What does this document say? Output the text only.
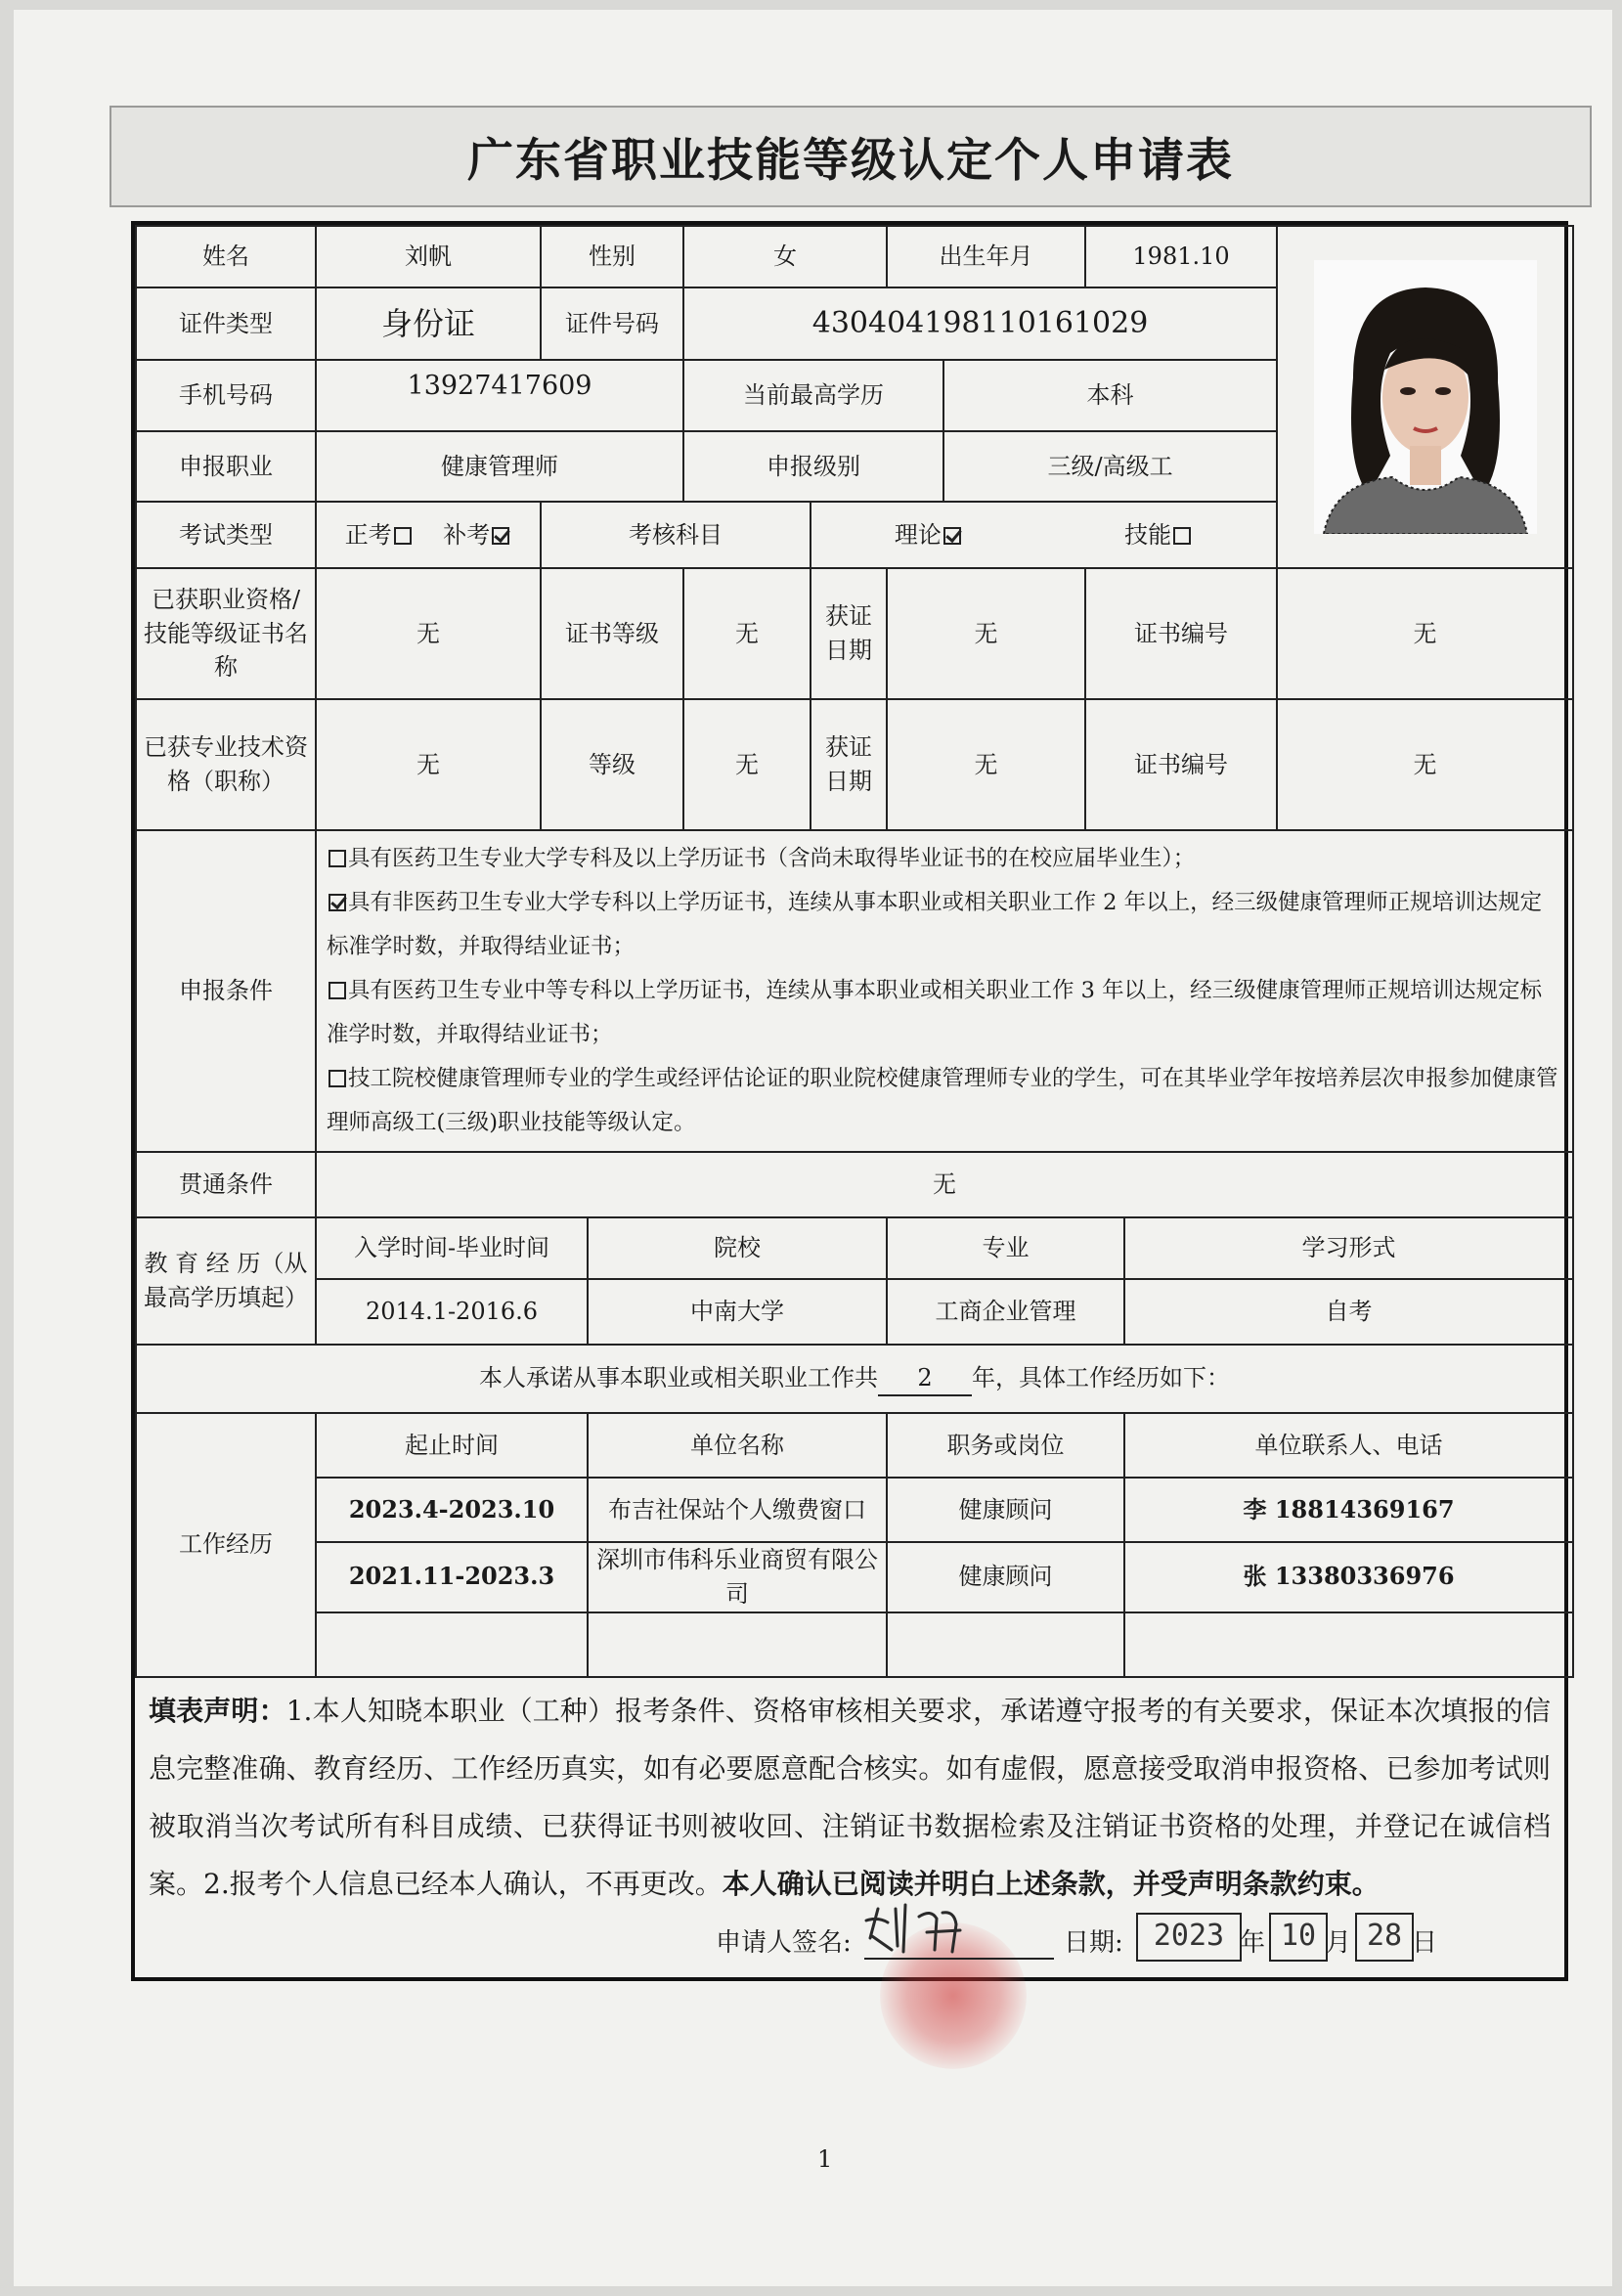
广东省职业技能等级认定个人申请表
姓名	刘帆	性别		女		出生年月		1981.10	

证件类型	身份证	证件号码		430404198110161029						
手机号码	13927417609			当前最高学历			本科			
申报职业	健康管理师			申报级别			三级/高级工			
考试类型	正考 补考	考核科目			理论 技能					
已获职业资格/技能等级证书名称	无	证书等级		无	获证日期	无		证书编号		无
已获专业技术资格（职称）	无	等级		无	获证日期	无		证书编号		无
申报条件	具有医药卫生专业大学专科及以上学历证书（含尚未取得毕业证书的在校应届毕业生）；
具有非医药卫生专业大学专科以上学历证书，连续从事本职业或相关职业工作 2 年以上，经三级健康管理师正规培训达规定标准学时数，并取得结业证书；
具有医药卫生专业中等专科以上学历证书，连续从事本职业或相关职业工作 3 年以上，经三级健康管理师正规培训达规定标准学时数，并取得结业证书；
技工院校健康管理师专业的学生或经评估论证的职业院校健康管理师专业的学生，可在其毕业学年按培养层次申报参加健康管理师高级工(三级)职业技能等级认定。									

贯通条件	无									
教 育 经 历（从最高学历填起）	入学时间-毕业时间		院校			专业			学习形式	
	2014.1-2016.6		中南大学			工商企业管理			自考	
本人承诺从事本职业或相关职业工作共 2 年，具体工作经历如下：										
工作经历	起止时间		单位名称			职务或岗位			单位联系人、电话	
	2023.4-2023.10		布吉社保站个人缴费窗口			健康顾问			李 18814369167	
	2021.11-2023.3		深圳市伟科乐业商贸有限公司			健康顾问			张 13380336976	

填表声明：1.本人知晓本职业（工种）报考条件、资格审核相关要求，承诺遵守报考的有关要求，保证本次填报的信息完整准确、教育经历、工作经历真实，如有必要愿意配合核实。如有虚假，愿意接受取消申报资格、已参加考试则被取消当次考试所有科目成绩、已获得证书则被收回、注销证书数据检索及注销证书资格的处理，并登记在诚信档案。2.报考个人信息已经本人确认，不再更改。本人确认已阅读并明白上述条款，并受声明条款约束。
申请人签名:	日期:	2023 年 10 月 28 日
1
